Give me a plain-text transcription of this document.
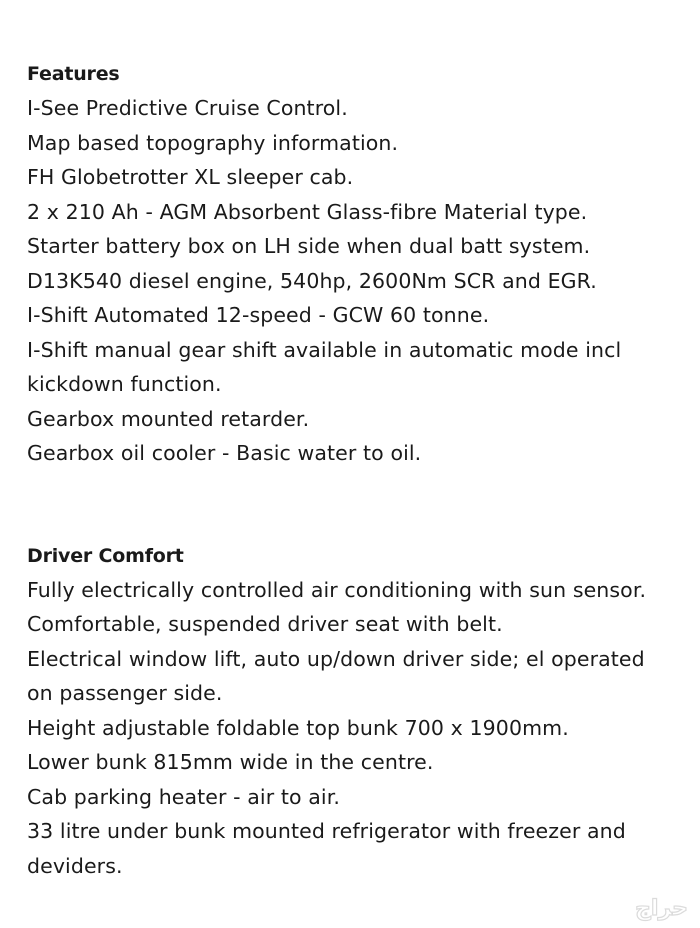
Features

I-See Predictive Cruise Control.

Map based topography information.

FH Globetrotter XL sleeper cab.

2 x 210 Ah - AGM Absorbent Glass-fibre Material type.

Starter battery box on LH side when dual batt system.

D13K540 diesel engine, 540hp, 2600Nm SCR and EGR.

I-Shift Automated 12-speed - GCW 60 tonne.

I-Shift manual gear shift available in automatic mode incl

kickdown function.

Gearbox mounted retarder.

Gearbox oil cooler - Basic water to oil.

Driver Comfort

Fully electrically controlled air conditioning with sun sensor.

Comfortable, suspended driver seat with belt.

Electrical window lift, auto up/down driver side; el operated

on passenger side.

Height adjustable foldable top bunk 700 x 1900mm.

Lower bunk 815mm wide in the centre.

Cab parking heater - air to air.

33 litre under bunk mounted refrigerator with freezer and

deviders.

حراج
